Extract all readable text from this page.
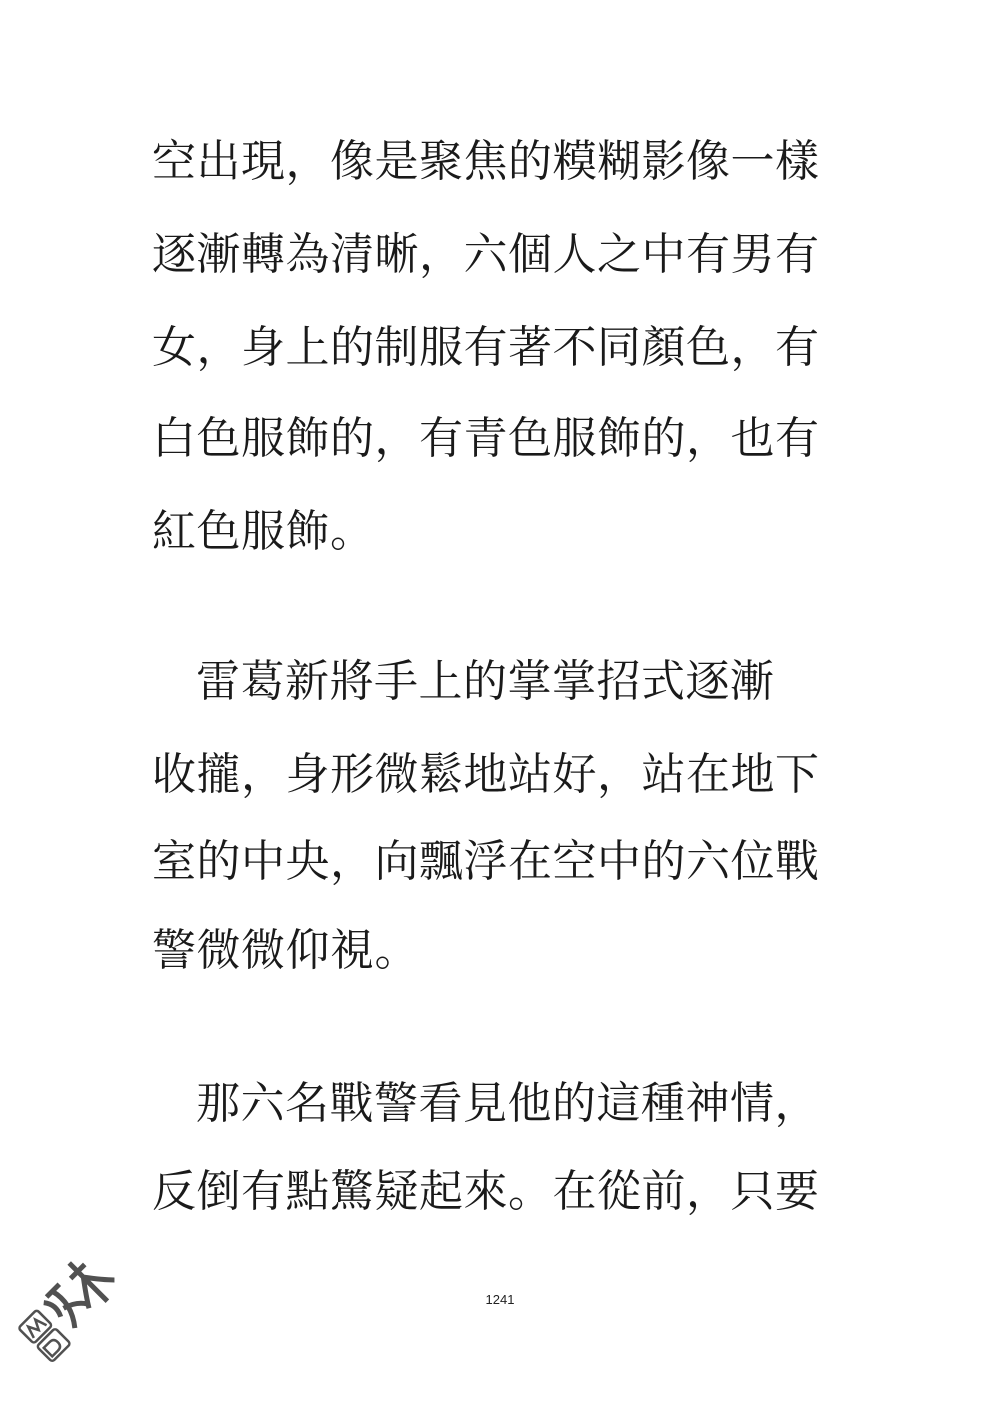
空出現，像是聚焦的糢糊影像一樣
逐漸轉為清晰，六個人之中有男有
女，身上的制服有著不同顏色，有
白色服飾的，有青色服飾的，也有
紅色服飾。
雷葛新將手上的掌掌招式逐漸
收攏，身形微鬆地站好，站在地下
室的中央，向飄浮在空中的六位戰
警微微仰視。
那六名戰警看見他的這種神情，
反倒有點驚疑起來。在從前，只要
1241
